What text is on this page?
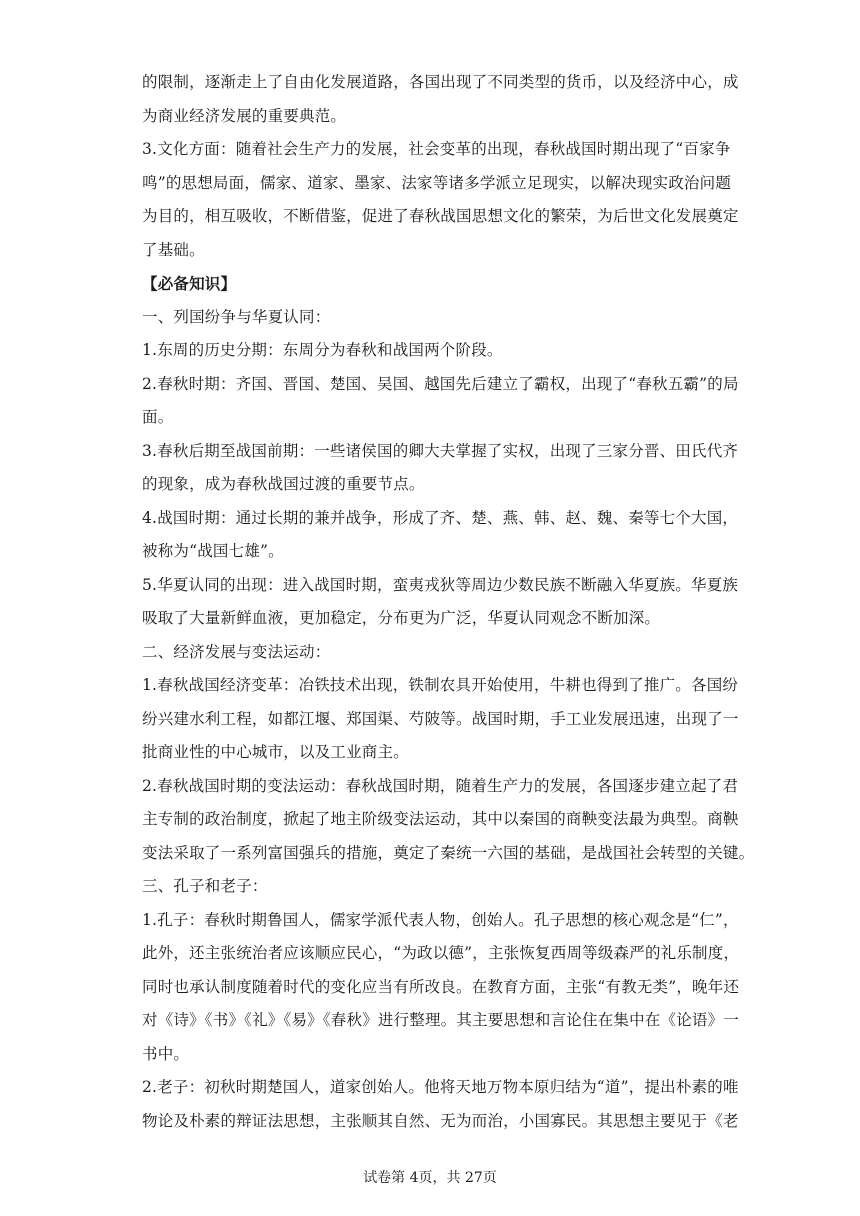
的限制，逐渐走上了自由化发展道路，各国出现了不同类型的货币，以及经济中心，成
为商业经济发展的重要典范。
3.文化方面：随着社会生产力的发展，社会变革的出现，春秋战国时期出现了“百家争
鸣”的思想局面，儒家、道家、墨家、法家等诸多学派立足现实，以解决现实政治问题
为目的，相互吸收，不断借鉴，促进了春秋战国思想文化的繁荣，为后世文化发展奠定
了基础。
【必备知识】
一、列国纷争与华夏认同：
1.东周的历史分期：东周分为春秋和战国两个阶段。
2.春秋时期：齐国、晋国、楚国、吴国、越国先后建立了霸权，出现了“春秋五霸”的局
面。
3.春秋后期至战国前期：一些诸侯国的卿大夫掌握了实权，出现了三家分晋、田氏代齐
的现象，成为春秋战国过渡的重要节点。
4.战国时期：通过长期的兼并战争，形成了齐、楚、燕、韩、赵、魏、秦等七个大国，
被称为“战国七雄”。
5.华夏认同的出现：进入战国时期，蛮夷戎狄等周边少数民族不断融入华夏族。华夏族
吸取了大量新鲜血液，更加稳定，分布更为广泛，华夏认同观念不断加深。
二、经济发展与变法运动：
1.春秋战国经济变革：冶铁技术出现，铁制农具开始使用，牛耕也得到了推广。各国纷
纷兴建水利工程，如都江堰、郑国渠、芍陂等。战国时期，手工业发展迅速，出现了一
批商业性的中心城市，以及工业商主。
2.春秋战国时期的变法运动：春秋战国时期，随着生产力的发展，各国逐步建立起了君
主专制的政治制度，掀起了地主阶级变法运动，其中以秦国的商鞅变法最为典型。商鞅
变法采取了一系列富国强兵的措施，奠定了秦统一六国的基础，是战国社会转型的关键。
三、孔子和老子：
1.孔子：春秋时期鲁国人，儒家学派代表人物，创始人。孔子思想的核心观念是“仁”，
此外，还主张统治者应该顺应民心，“为政以德”，主张恢复西周等级森严的礼乐制度，
同时也承认制度随着时代的变化应当有所改良。在教育方面，主张“有教无类”，晚年还
对《诗》《书》《礼》《易》《春秋》进行整理。其主要思想和言论住在集中在《论语》一
书中。
2.老子：初秋时期楚国人，道家创始人。他将天地万物本原归结为“道”，提出朴素的唯
物论及朴素的辩证法思想，主张顺其自然、无为而治，小国寡民。其思想主要见于《老
试卷第 4页，共 27页
